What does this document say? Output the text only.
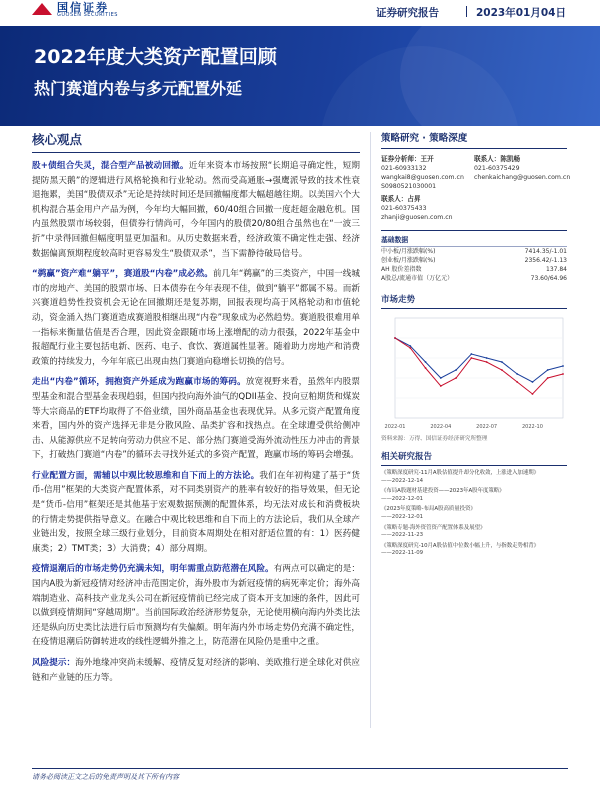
国信证券
GUOSEN SECURITIES	证券研究报告	2023年01月04日
2022年度大类资产配置回顾
热门赛道内卷与多元配置外延
核心观点

股+债组合失灵，混合型产品被动回撤。近年来资本市场按照“长期追寻确定性，短期提防黑天鹅”的逻辑进行风格轮换和行业轮动。然而受高通胀→强鹰派导致的技术性衰退拖累，美国“股债双杀”无论是持续时间还是回撤幅度都大幅超越往期。以美国六个大机构混合基金用户产品为例，今年均大幅回撤，60/40组合回撤一度赶超金融危机。国内虽然股票市场较弱，但债券行情尚可，今年国内的股债20/80组合虽然也在“一波三折”中录得回撤但幅度明显更加温和。从历史数据来看，经济政策不确定性走强、经济数据偏离预期程度较高时更容易发生“股债双杀”，当下需静待破局信号。

“鹈赢”资产难“躺平”，赛道股“内卷”成必然。前几年“鹈赢”的三类资产，中国一线城市的房地产、美国的股票市场、日本债券在今年表现不佳，做到“躺平”都属不易。而新兴赛道趋势性投资机会无论在回撤期还是复苏期，回报表现均高于风格轮动和市值轮动，资金涌入热门赛道造成赛道股相继出现“内卷”现象成为必然趋势。赛道股很难用单一指标来衡量估值是否合理，因此资金跟随市场上涨增配的动力很强，2022年基金中报超配行业主要包括电新、医药、电子、食饮、赛道属性显著。随着助力房地产和消费政策的持续发力，今年年底已出现由热门赛道向稳增长切换的信号。

走出“内卷”循环，拥抱资产外延成为跑赢市场的筹码。放宽视野来看，虽然年内股票型基金和混合型基金表现趋弱，但国内投向海外油气的QDII基金、投向豆粕期货和煤炭等大宗商品的ETF均取得了不俗业绩，国外商品基金也表现优异。从多元资产配置角度来看，国内外的资产选择无非是分散风险、品类扩容和找热点。在全球遭受供给侧冲击、从能源供应不足转向劳动力供应不足、部分热门赛道受海外流动性压力冲击的背景下，打破热门赛道“内卷”的循环去寻找外延式的多资产配置，跑赢市场的筹码会增强。

行业配置方面，需辅以中观比较思维和自下而上的方法论。我们在年初构建了基于“货币-信用”框架的大类资产配置体系，对不同类别资产的胜率有较好的指导效果，但无论是“货币-信用”框架还是其他基于宏观数据预测的配置体系，均无法对成长和消费板块的行情走势提供指导意义。在融合中观比较思维和自下而上的方法论后，我们从全球产业链出发，按照全球三级行业划分，目前资本周期处在相对舒适位置的有：1）医药健康类；2）TMT类；3）大消费；4）部分周期。

疫情退潮后的市场走势仍充满未知，明年需重点防范潜在风险。有两点可以确定的是：国内A股为新冠疫情对经济冲击范围定价，海外股市为新冠疫情的病死率定价；海外高端制造业、高科技产业龙头公司在新冠疫情前已经完成了资本开支加速的条件，因此可以做到疫情期间“穿越周期”。当前国际政治经济形势复杂，无论使用横向海内外类比法还是纵向历史类比法进行后市预测均有失偏颇。明年海内外市场走势仍充满不确定性，在疫情退潮后防御转进攻的线性逻辑外推之上，防范潜在风险仍是重中之重。

风险提示：海外地缘冲突尚未缓解、疫情反复对经济的影响、美欧推行逆全球化对供应链和产业链的压力等。

策略研究 · 策略深度
证券分析师：王开
021-60933132
wangkai8@guosen.com.cn
S0980521030001
联系人：陈凯畅
021-60375429
chenkaichang@guosen.com.cn
联系人：占昇
021-60375433
zhanji@guosen.com.cn
基础数据
中小板/月涨跌幅(%)	7414.35/-1.01
创业板/月涨跌幅(%)	2356.42/-1.13
AH 股价差指数	137.84
A股总/流通市值（万亿元）	73.60/64.96
市场走势
2022-01	2022-04	2022-07	2022-10
资料来源：万得、国信证券经济研究所整理
相关研究报告
《策略深度研究-11月A股估值提升却分化收敛，上涨进入加速期》
——2022-12-14
《布局A股题材基建投资——2023年A股年度策略》
——2022-12-01
《2023年度策略-布局A股高质量投资》
——2022-12-01
《策略专题-海外资管资产配置体系及展望》
——2022-11-23
《策略深度研究-10月A股估值中位数小幅上升，与指数走势相背》
——2022-11-09
请务必阅读正文之后的免责声明及其下所有内容
